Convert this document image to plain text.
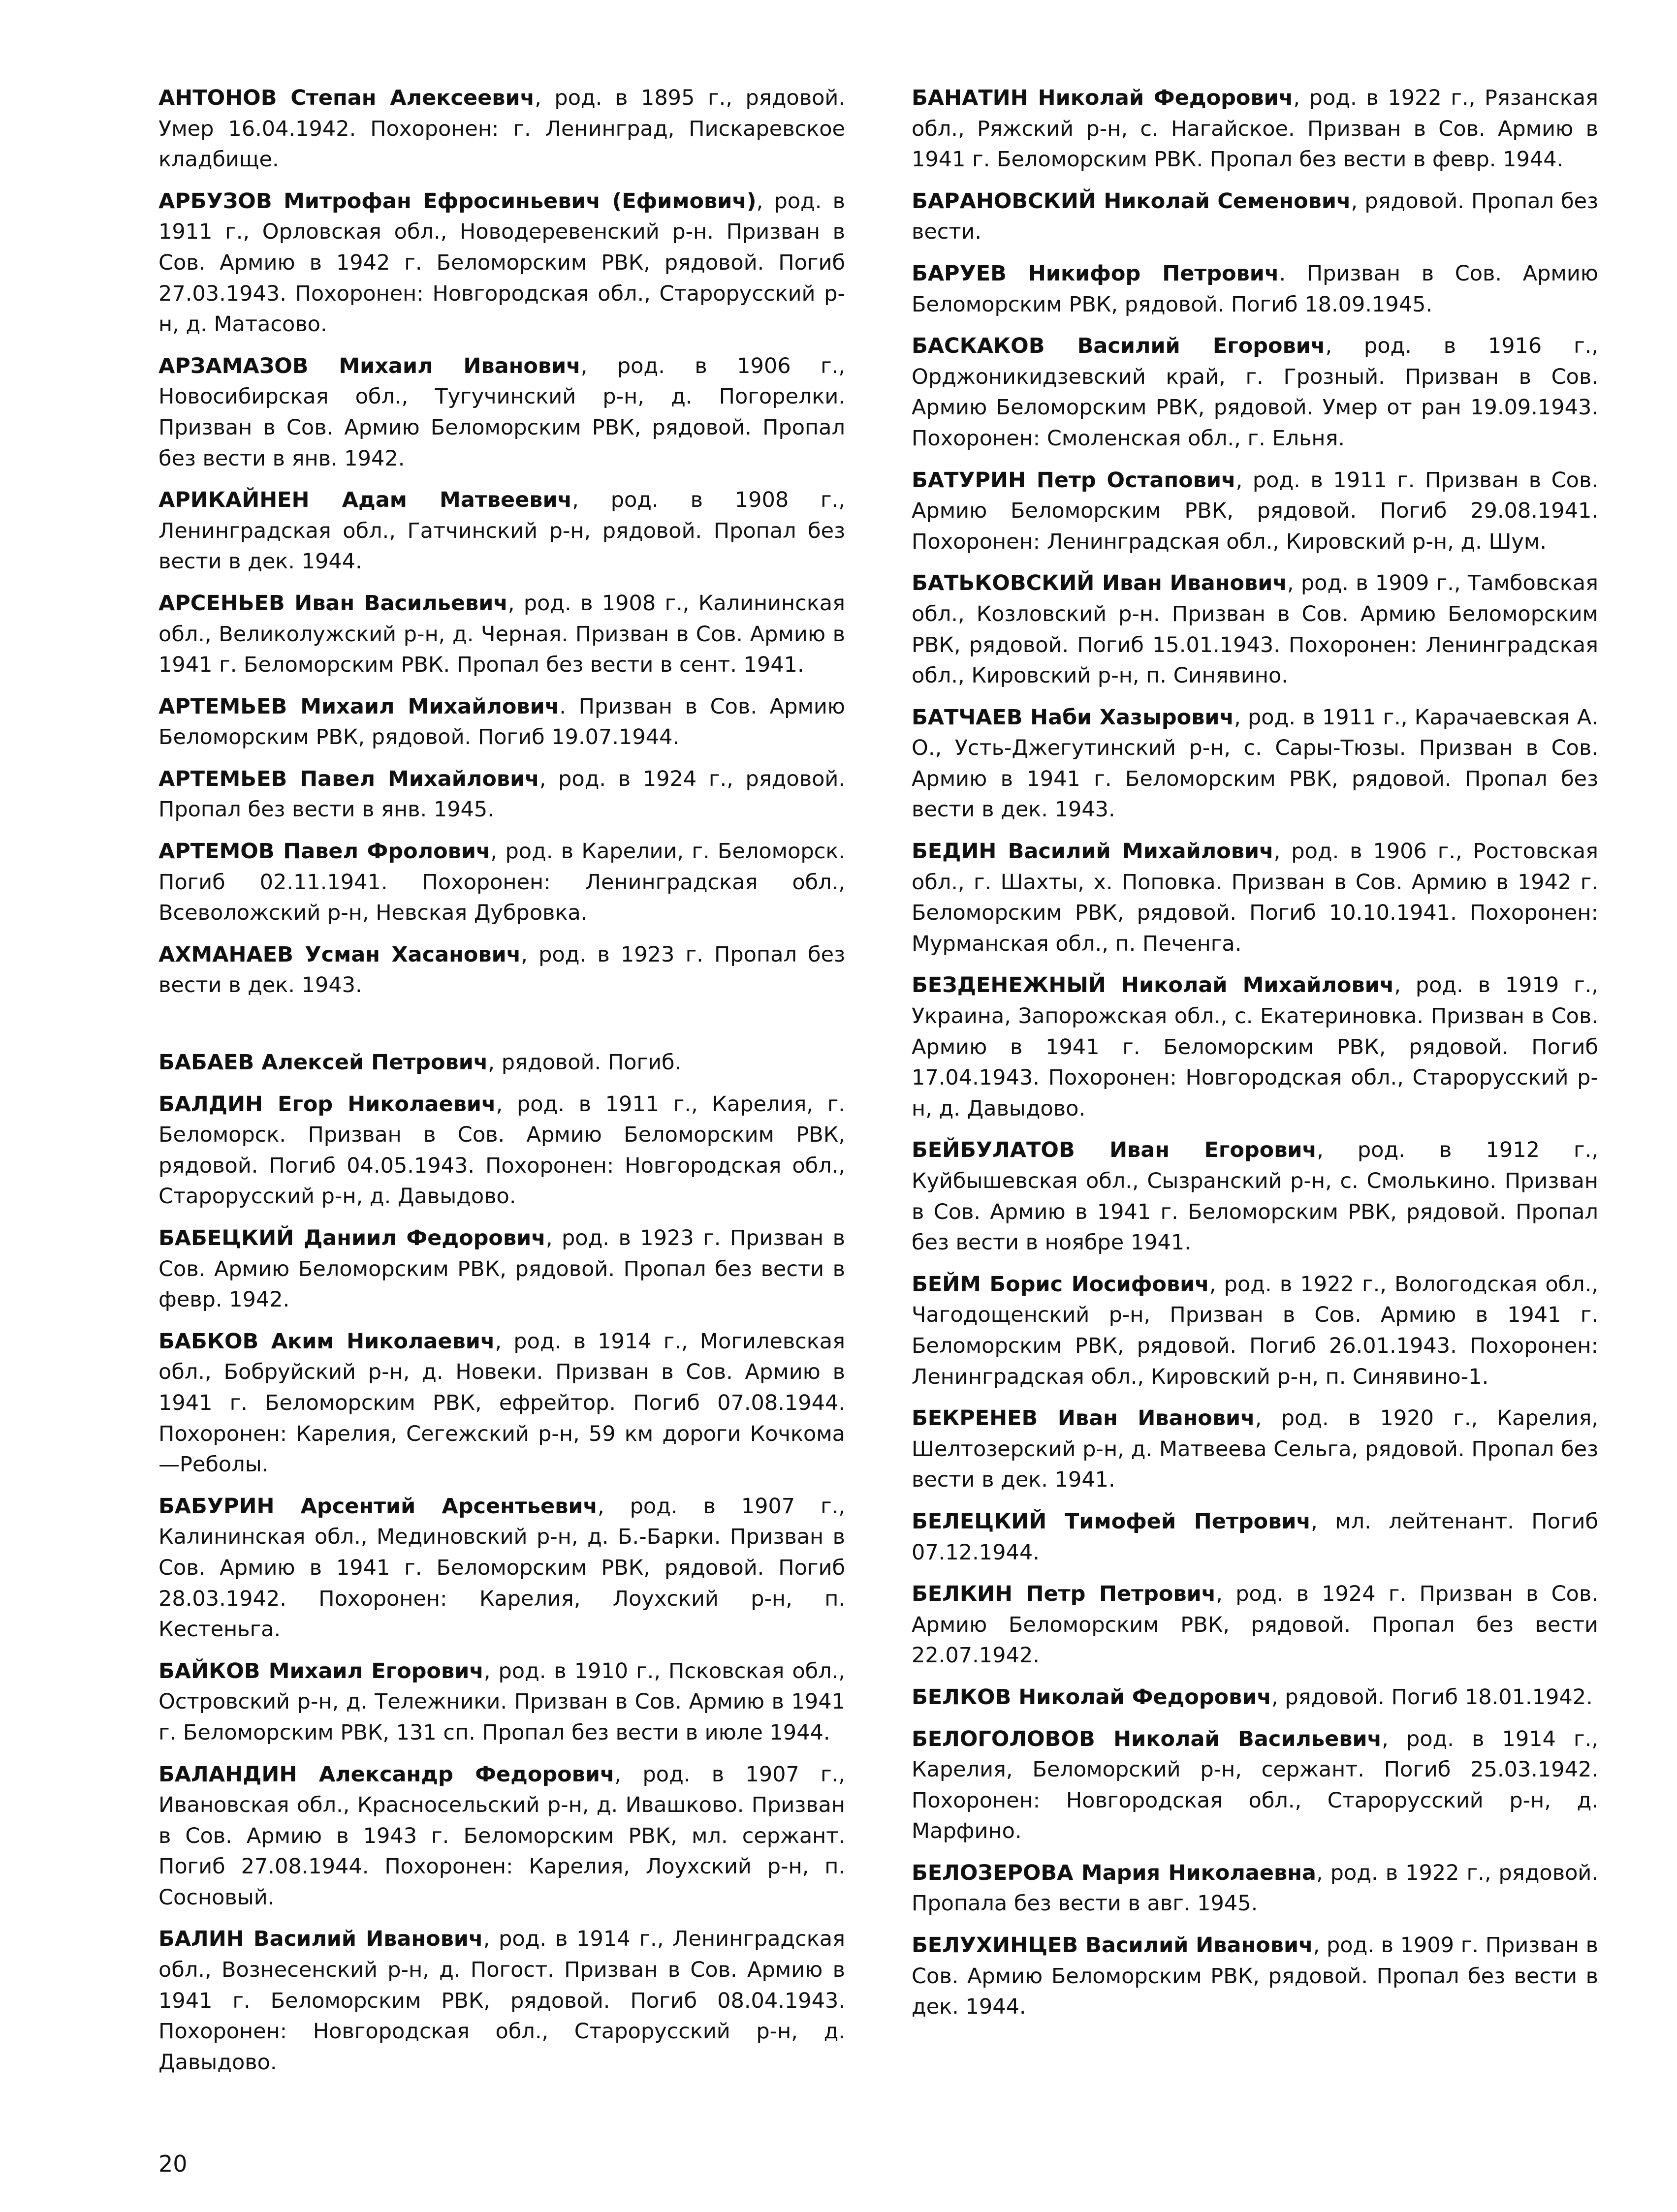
АНТОНОВ Степан Алексеевич, род. в 1895 г., рядовой. Умер 16.04.1942. Похоронен: г. Ленинград, Пискаревское кладбище.

АРБУЗОВ Митрофан Ефросиньевич (Ефимович), род. в 1911 г., Орловская обл., Новодеревенский р-н. Призван в Сов. Армию в 1942 г. Беломорским РВК, рядовой. Погиб 27.03.1943. Похоронен: Новгородская обл., Старорусский р-н, д. Матасово.

АРЗАМАЗОВ Михаил Иванович, род. в 1906 г., Новосибирская обл., Тугучинский р-н, д. Погорелки. Призван в Сов. Армию Беломорским РВК, рядовой. Пропал без вести в янв. 1942.

АРИКАЙНЕН Адам Матвеевич, род. в 1908 г., Ленинградская обл., Гатчинский р-н, рядовой. Пропал без вести в дек. 1944.

АРСЕНЬЕВ Иван Васильевич, род. в 1908 г., Калининская обл., Великолужский р-н, д. Черная. Призван в Сов. Армию в 1941 г. Беломорским РВК. Пропал без вести в сент. 1941.

АРТЕМЬЕВ Михаил Михайлович. Призван в Сов. Армию Беломорским РВК, рядовой. Погиб 19.07.1944.

АРТЕМЬЕВ Павел Михайлович, род. в 1924 г., рядовой. Пропал без вести в янв. 1945.

АРТЕМОВ Павел Фролович, род. в Карелии, г. Беломорск. Погиб 02.11.1941. Похоронен: Ленинградская обл., Всеволожский р-н, Невская Дубровка.

АХМАНАЕВ Усман Хасанович, род. в 1923 г. Пропал без вести в дек. 1943.

БАБАЕВ Алексей Петрович, рядовой. Погиб.

БАЛДИН Егор Николаевич, род. в 1911 г., Карелия, г. Беломорск. Призван в Сов. Армию Беломорским РВК, рядовой. Погиб 04.05.1943. Похоронен: Новгородская обл., Старорусский р-н, д. Давыдово.

БАБЕЦКИЙ Даниил Федорович, род. в 1923 г. Призван в Сов. Армию Беломорским РВК, рядовой. Пропал без вести в февр. 1942.

БАБКОВ Аким Николаевич, род. в 1914 г., Могилевская обл., Бобруйский р-н, д. Новеки. Призван в Сов. Армию в 1941 г. Беломорским РВК, ефрейтор. Погиб 07.08.1944. Похоронен: Карелия, Сегежский р-н, 59 км дороги Кочкома—Реболы.

БАБУРИН Арсентий Арсентьевич, род. в 1907 г., Калининская обл., Мединовский р-н, д. Б.-Барки. Призван в Сов. Армию в 1941 г. Беломорским РВК, рядовой. Погиб 28.03.1942. Похоронен: Карелия, Лоухский р-н, п. Кестеньга.

БАЙКОВ Михаил Егорович, род. в 1910 г., Псковская обл., Островский р-н, д. Тележники. Призван в Сов. Армию в 1941 г. Беломорским РВК, 131 сп. Пропал без вести в июле 1944.

БАЛАНДИН Александр Федорович, род. в 1907 г., Ивановская обл., Красносельский р-н, д. Ивашково. Призван в Сов. Армию в 1943 г. Беломорским РВК, мл. сержант. Погиб 27.08.1944. Похоронен: Карелия, Лоухский р-н, п. Сосновый.

БАЛИН Василий Иванович, род. в 1914 г., Ленинградская обл., Вознесенский р-н, д. Погост. Призван в Сов. Армию в 1941 г. Беломорским РВК, рядовой. Погиб 08.04.1943. Похоронен: Новгородская обл., Старорусский р-н, д. Давыдово.

БАНАТИН Николай Федорович, род. в 1922 г., Рязанская обл., Ряжский р-н, с. Нагайское. Призван в Сов. Армию в 1941 г. Беломорским РВК. Пропал без вести в февр. 1944.

БАРАНОВСКИЙ Николай Семенович, рядовой. Пропал без вести.

БАРУЕВ Никифор Петрович. Призван в Сов. Армию Беломорским РВК, рядовой. Погиб 18.09.1945.

БАСКАКОВ Василий Егорович, род. в 1916 г., Орджоникидзевский край, г. Грозный. Призван в Сов. Армию Беломорским РВК, рядовой. Умер от ран 19.09.1943. Похоронен: Смоленская обл., г. Ельня.

БАТУРИН Петр Остапович, род. в 1911 г. Призван в Сов. Армию Беломорским РВК, рядовой. Погиб 29.08.1941. Похоронен: Ленинградская обл., Кировский р-н, д. Шум.

БАТЬКОВСКИЙ Иван Иванович, род. в 1909 г., Тамбовская обл., Козловский р-н. Призван в Сов. Армию Беломорским РВК, рядовой. Погиб 15.01.1943. Похоронен: Ленинградская обл., Кировский р-н, п. Синявино.

БАТЧАЕВ Наби Хазырович, род. в 1911 г., Карачаевская А. О., Усть-Джегутинский р-н, с. Сары-Тюзы. Призван в Сов. Армию в 1941 г. Беломорским РВК, рядовой. Пропал без вести в дек. 1943.

БЕДИН Василий Михайлович, род. в 1906 г., Ростовская обл., г. Шахты, х. Поповка. Призван в Сов. Армию в 1942 г. Беломорским РВК, рядовой. Погиб 10.10.1941. Похоронен: Мурманская обл., п. Печенга.

БЕЗДЕНЕЖНЫЙ Николай Михайлович, род. в 1919 г., Украина, Запорожская обл., с. Екатериновка. Призван в Сов. Армию в 1941 г. Беломорским РВК, рядовой. Погиб 17.04.1943. Похоронен: Новгородская обл., Старорусский р-н, д. Давыдово.

БЕЙБУЛАТОВ Иван Егорович, род. в 1912 г., Куйбышевская обл., Сызранский р-н, с. Смолькино. Призван в Сов. Армию в 1941 г. Беломорским РВК, рядовой. Пропал без вести в ноябре 1941.

БЕЙМ Борис Иосифович, род. в 1922 г., Вологодская обл., Чагодощенский р-н, Призван в Сов. Армию в 1941 г. Беломорским РВК, рядовой. Погиб 26.01.1943. Похоронен: Ленинградская обл., Кировский р-н, п. Синявино-1.

БЕКРЕНЕВ Иван Иванович, род. в 1920 г., Карелия, Шелтозерский р-н, д. Матвеева Сельга, рядовой. Пропал без вести в дек. 1941.

БЕЛЕЦКИЙ Тимофей Петрович, мл. лейтенант. Погиб 07.12.1944.

БЕЛКИН Петр Петрович, род. в 1924 г. Призван в Сов. Армию Беломорским РВК, рядовой. Пропал без вести 22.07.1942.

БЕЛКОВ Николай Федорович, рядовой. Погиб 18.01.1942.

БЕЛОГОЛОВОВ Николай Васильевич, род. в 1914 г., Карелия, Беломорский р-н, сержант. Погиб 25.03.1942. Похоронен: Новгородская обл., Старорусский р-н, д. Марфино.

БЕЛОЗЕРОВА Мария Николаевна, род. в 1922 г., рядовой. Пропала без вести в авг. 1945.

БЕЛУХИНЦЕВ Василий Иванович, род. в 1909 г. Призван в Сов. Армию Беломорским РВК, рядовой. Пропал без вести в дек. 1944.

20
